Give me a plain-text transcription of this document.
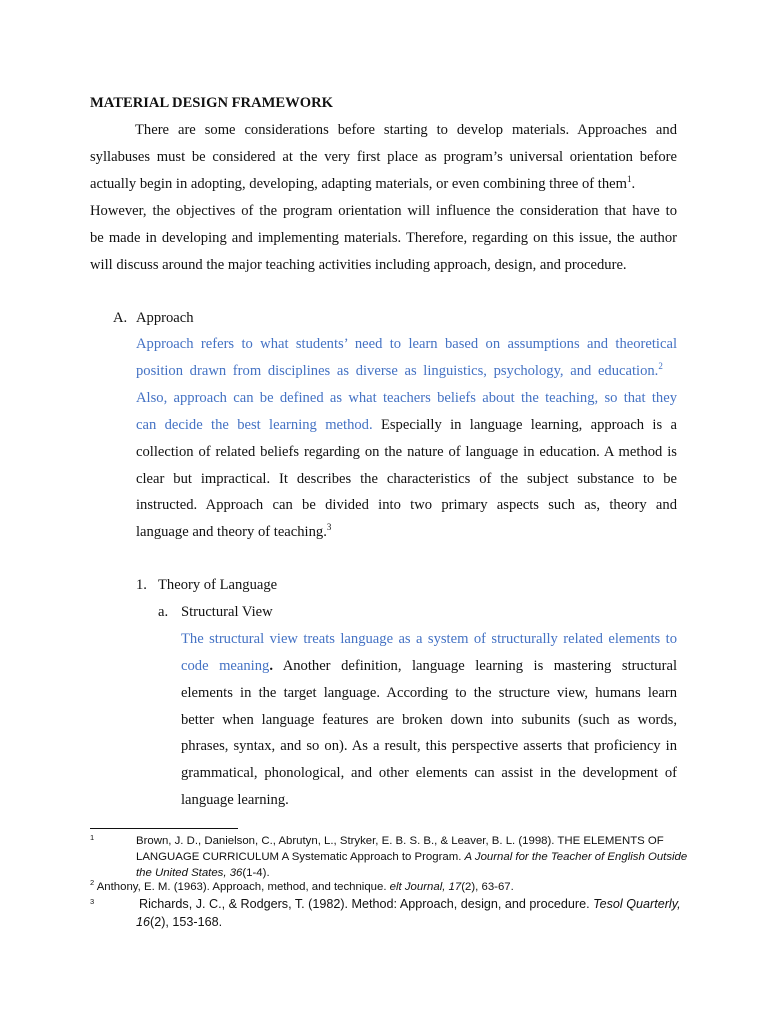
MATERIAL DESIGN FRAMEWORK
There are some considerations before starting to develop materials. Approaches and
syllabuses must be considered at the very first place as program’s universal orientation before
actually begin in adopting, developing, adapting materials, or even combining three of them$^1$.
However, the objectives of the program orientation will influence the consideration that have to
be made in developing and implementing materials. Therefore, regarding on this issue, the author
will discuss around the major teaching activities including approach, design, and procedure.
A. Approach
Approach refers to what students’ need to learn based on assumptions and theoretical
position drawn from disciplines as diverse as linguistics, psychology, and education.$^2$
Also, approach can be defined as what teachers beliefs about the teaching, so that they
can decide the best learning method. Especially in language learning, approach is a
collection of related beliefs regarding on the nature of language in education. A method is
clear but impractical. It describes the characteristics of the subject substance to be
instructed. Approach can be divided into two primary aspects such as, theory and
language and theory of teaching.$^3$
1. Theory of Language
a. Structural View
The structural view treats language as a system of structurally related elements to
code meaning. Another definition, language learning is mastering structural
elements in the target language. According to the structure view, humans learn
better when language features are broken down into subunits (such as words,
phrases, syntax, and so on). As a result, this perspective asserts that proficiency in
grammatical, phonological, and other elements can assist in the development of
language learning.
1	Brown, J. D., Danielson, C., Abrutyn, L., Stryker, E. B. S. B., & Leaver, B. L. (1998). THE ELEMENTS OF
LANGUAGE CURRICULUM A Systematic Approach to Program. A Journal for the Teacher of English Outside
the United States, 36(1-4).
$^2$ Anthony, E. M. (1963). Approach, method, and technique. elt Journal, 17(2), 63-67.
3	Richards, J. C., & Rodgers, T. (1982). Method: Approach, design, and procedure. Tesol Quarterly,
16(2), 153-168.
